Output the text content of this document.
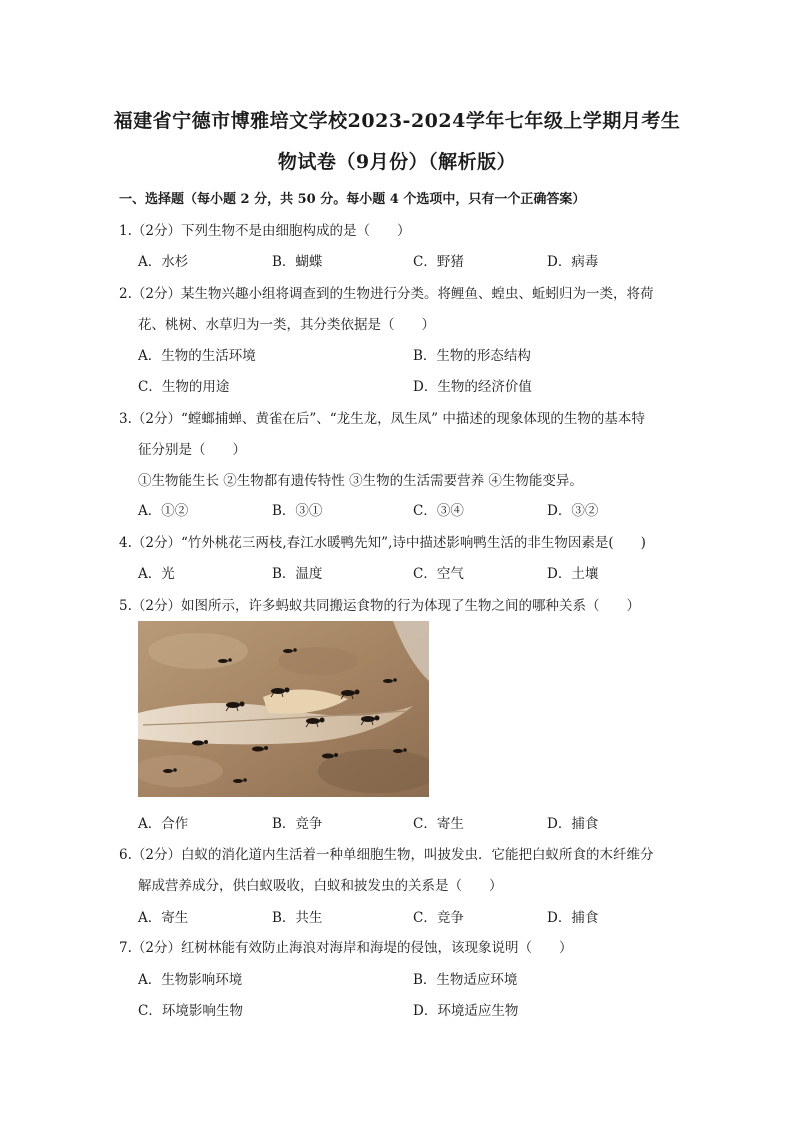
福建省宁德市博雅培文学校2023-2024学年七年级上学期月考生
物试卷（9月份）（解析版）
一、选择题（每小题 2 分，共 50 分。每小题 4 个选项中，只有一个正确答案）
1.（2分）下列生物不是由细胞构成的是（　　）
A．水杉	B．蝴蝶	C．野猪	D．病毒
2.（2分）某生物兴趣小组将调查到的生物进行分类。将鲤鱼、蝗虫、蚯蚓归为一类，将荷
花、桃树、水草归为一类，其分类依据是（　　）
A．生物的生活环境	B．生物的形态结构
C．生物的用途	D．生物的经济价值
3.（2分）“螳螂捕蝉、黄雀在后”、“龙生龙，凤生凤” 中描述的现象体现的生物的基本特
征分别是（　　）
①生物能生长 ②生物都有遗传特性 ③生物的生活需要营养 ④生物能变异。
A．①②	B．③①	C．③④	D．③②
4.（2分）“竹外桃花三两枝,春江水暖鸭先知”,诗中描述影响鸭生活的非生物因素是(　　)
A．光	B．温度	C．空气	D．土壤
5.（2分）如图所示，许多蚂蚁共同搬运食物的行为体现了生物之间的哪种关系（　　）
A．合作	B．竞争	C．寄生	D．捕食
6.（2分）白蚁的消化道内生活着一种单细胞生物，叫披发虫．它能把白蚁所食的木纤维分
解成营养成分，供白蚁吸收，白蚁和披发虫的关系是（　　）
A．寄生	B．共生	C．竞争	D．捕食
7.（2分）红树林能有效防止海浪对海岸和海堤的侵蚀，该现象说明（　　）
A．生物影响环境	B．生物适应环境
C．环境影响生物	D．环境适应生物
